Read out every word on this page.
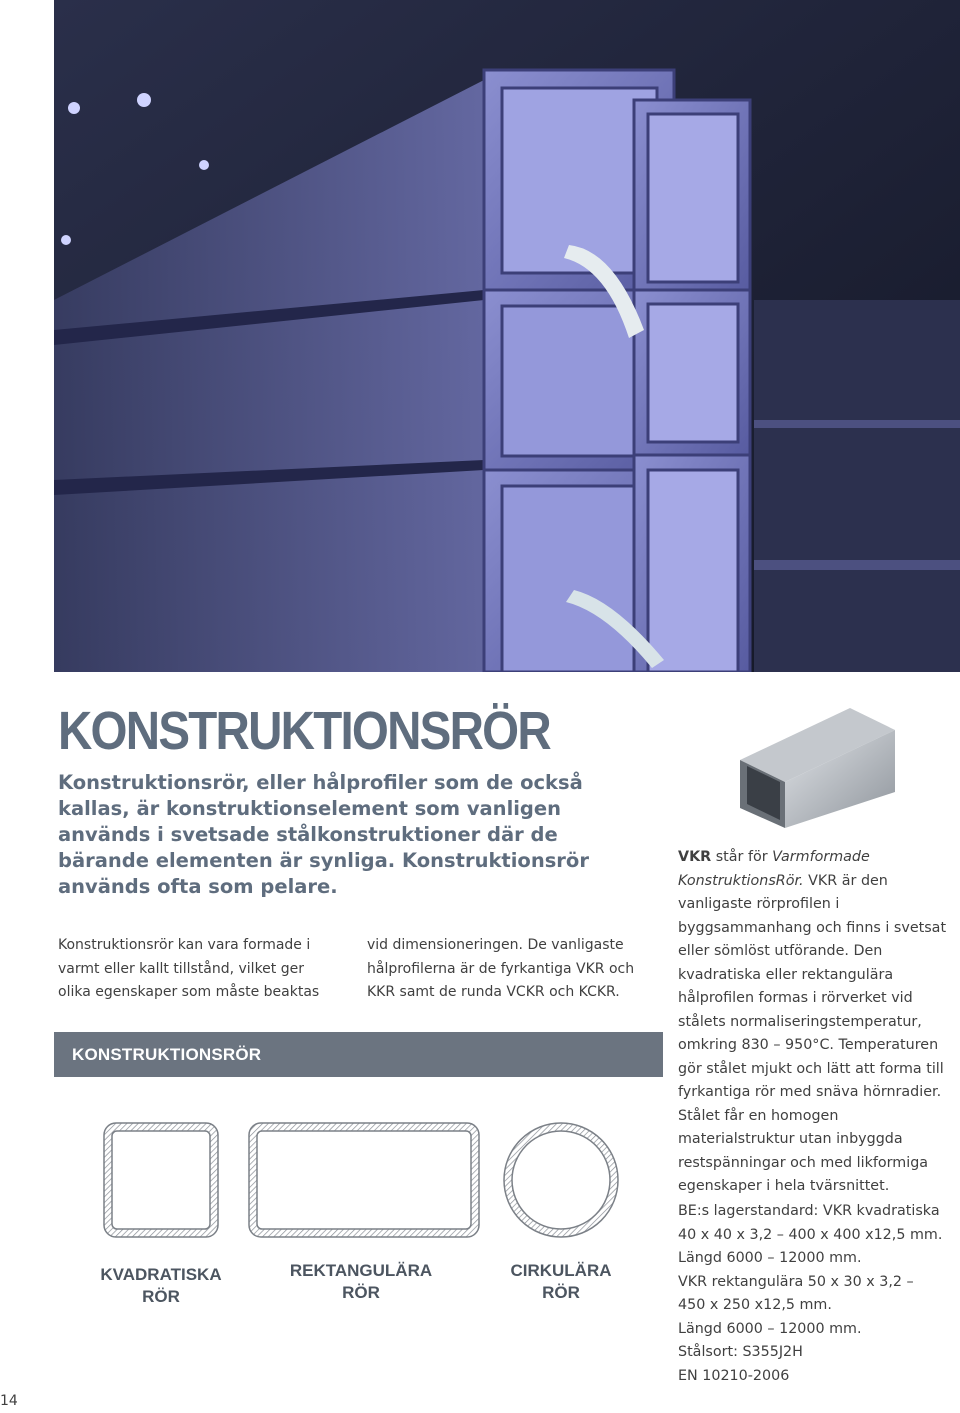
KONSTRUKTIONSRÖR

Konstruktionsrör, eller hålprofiler som de också kallas, är konstruktionselement som vanligen används i svetsade stålkonstruktioner där de bärande elementen är synliga. Konstruktionsrör används ofta som pelare.

Konstruktionsrör kan vara formade i varmt eller kallt tillstånd, vilket ger olika egenskaper som måste beaktas

vid dimensioneringen. De vanligaste hålprofilerna är de fyrkantiga VKR och KKR samt de runda VCKR och KCKR.

KONSTRUKTIONSRÖR

KVADRATISKA
RÖR

REKTANGULÄRA
RÖR

CIRKULÄRA
RÖR

VKR står för Varmformade KonstruktionsRör. VKR är den vanligaste rörprofilen i byggsammanhang och finns i svetsat eller sömlöst utförande. Den kvadratiska eller rektangulära hålprofilen formas i rörverket vid stålets normaliseringstemperatur, omkring 830 – 950°C. Temperaturen gör stålet mjukt och lätt att forma till fyrkantiga rör med snäva hörnradier. Stålet får en homogen materialstruktur utan inbyggda restspänningar och med likformiga egenskaper i hela tvärsnittet.

BE:s lagerstandard: VKR kvadratiska
40 x 40 x 3,2 – 400 x 400 x12,5 mm.
Längd 6000 – 12000 mm.
VKR rektangulära 50 x 30 x 3,2 –
450 x 250 x12,5 mm.
Längd 6000 – 12000 mm.
Stålsort: S355J2H
EN 10210-2006

14
